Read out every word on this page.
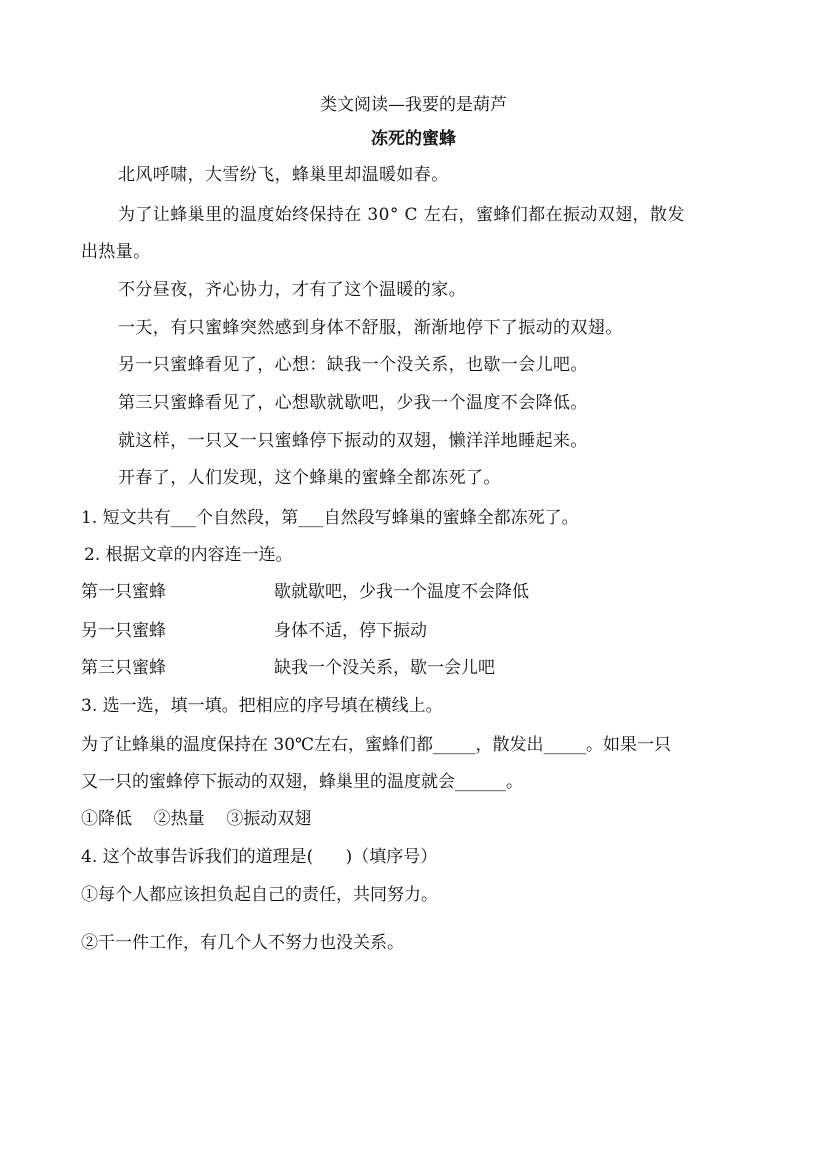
类文阅读—我要的是葫芦
冻死的蜜蜂
北风呼啸，大雪纷飞，蜂巢里却温暖如春。
为了让蜂巢里的温度始终保持在 30° C 左右，蜜蜂们都在振动双翅，散发
出热量。
不分昼夜，齐心协力，才有了这个温暖的家。
一天，有只蜜蜂突然感到身体不舒服，渐渐地停下了振动的双翅。
另一只蜜蜂看见了，心想：缺我一个没关系，也歇一会儿吧。
第三只蜜蜂看见了，心想歇就歇吧，少我一个温度不会降低。
就这样，一只又一只蜜蜂停下振动的双翅，懒洋洋地睡起来。
开春了，人们发现，这个蜂巢的蜜蜂全都冻死了。
1. 短文共有___个自然段，第___自然段写蜂巢的蜜蜂全都冻死了。
2. 根据文章的内容连一连。
第一只蜜蜂	歇就歇吧，少我一个温度不会降低
另一只蜜蜂	身体不适，停下振动
第三只蜜蜂	缺我一个没关系，歇一会儿吧
3. 选一选，填一填。把相应的序号填在横线上。
为了让蜂巢的温度保持在 30℃左右，蜜蜂们都_____，散发出_____。如果一只
又一只的蜜蜂停下振动的双翅，蜂巢里的温度就会______。
①降低    ②热量    ③振动双翅
4. 这个故事告诉我们的道理是(      )（填序号）
①每个人都应该担负起自己的责任，共同努力。
②干一件工作，有几个人不努力也没关系。
